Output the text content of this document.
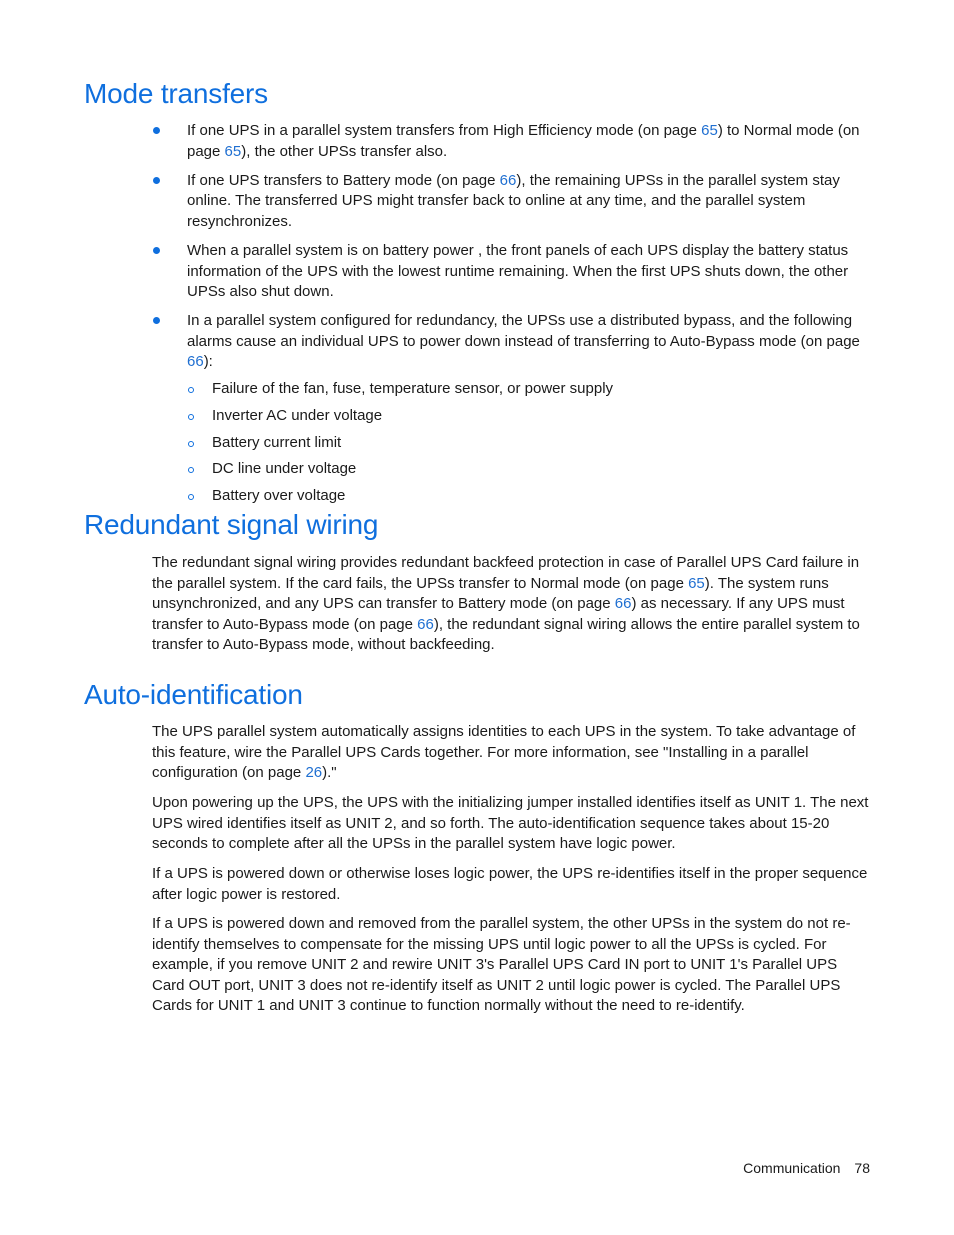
Mode transfers
If one UPS in a parallel system transfers from High Efficiency mode (on page 65) to Normal mode (on page 65), the other UPSs transfer also.
If one UPS transfers to Battery mode (on page 66), the remaining UPSs in the parallel system stay online. The transferred UPS might transfer back to online at any time, and the parallel system resynchronizes.
When a parallel system is on battery power , the front panels of each UPS display the battery status information of the UPS with the lowest runtime remaining. When the first UPS shuts down, the other UPSs also shut down.
In a parallel system configured for redundancy, the UPSs use a distributed bypass, and the following alarms cause an individual UPS to power down instead of transferring to Auto-Bypass mode (on page 66):
Failure of the fan, fuse, temperature sensor, or power supply
Inverter AC under voltage
Battery current limit
DC line under voltage
Battery over voltage
Redundant signal wiring

The redundant signal wiring provides redundant backfeed protection in case of Parallel UPS Card failure in the parallel system. If the card fails, the UPSs transfer to Normal mode (on page 65). The system runs unsynchronized, and any UPS can transfer to Battery mode (on page 66) as necessary. If any UPS must transfer to Auto-Bypass mode (on page 66), the redundant signal wiring allows the entire parallel system to transfer to Auto-Bypass mode, without backfeeding.

Auto-identification

The UPS parallel system automatically assigns identities to each UPS in the system. To take advantage of this feature, wire the Parallel UPS Cards together. For more information, see "Installing in a parallel configuration (on page 26)."

Upon powering up the UPS, the UPS with the initializing jumper installed identifies itself as UNIT 1. The next UPS wired identifies itself as UNIT 2, and so forth. The auto-identification sequence takes about 15-20 seconds to complete after all the UPSs in the parallel system have logic power.

If a UPS is powered down or otherwise loses logic power, the UPS re-identifies itself in the proper sequence after logic power is restored.

If a UPS is powered down and removed from the parallel system, the other UPSs in the system do not re-identify themselves to compensate for the missing UPS until logic power to all the UPSs is cycled. For example, if you remove UNIT 2 and rewire UNIT 3's Parallel UPS Card IN port to UNIT 1's Parallel UPS Card OUT port, UNIT 3 does not re-identify itself as UNIT 2 until logic power is cycled. The Parallel UPS Cards for UNIT 1 and UNIT 3 continue to function normally without the need to re-identify.

Communication 78
